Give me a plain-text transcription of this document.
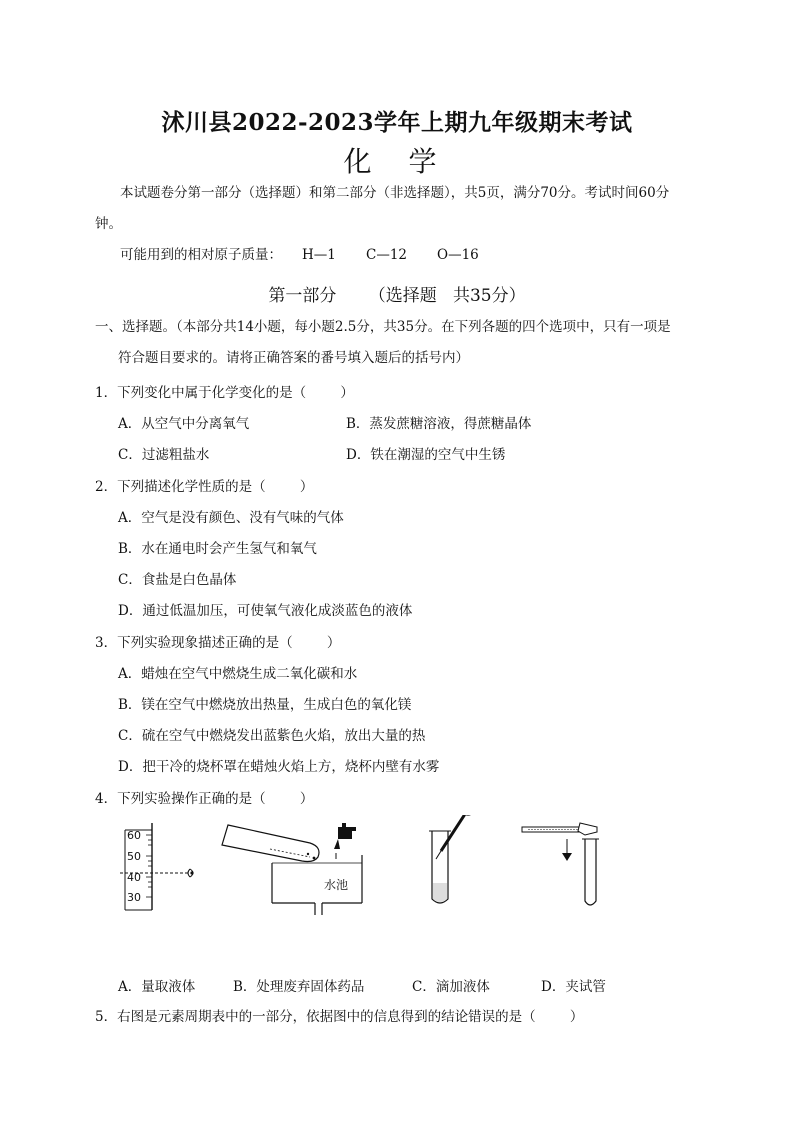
沭川县2022-2023学年上期九年级期末考试
化 学
本试题卷分第一部分（选择题）和第二部分（非选择题），共5页，满分70分。考试时间60分
钟。
可能用到的相对原子质量： H—1 C—12 O—16
第一部分      （选择题   共35分）
一、选择题。（本部分共14小题，每小题2.5分，共35分。在下列各题的四个选项中，只有一项是
符合题目要求的。请将正确答案的番号填入题后的括号内）
1．下列变化中属于化学变化的是（        ）
A．从空气中分离氧气	B．蒸发蔗糖溶液，得蔗糖晶体
C．过滤粗盐水	D．铁在潮湿的空气中生锈
2．下列描述化学性质的是（        ）
A．空气是没有颜色、没有气味的气体
B．水在通电时会产生氢气和氧气
C．食盐是白色晶体
D．通过低温加压，可使氧气液化成淡蓝色的液体
3．下列实验现象描述正确的是（        ）
A．蜡烛在空气中燃烧生成二氧化碳和水
B．镁在空气中燃烧放出热量，生成白色的氧化镁
C．硫在空气中燃烧发出蓝紫色火焰，放出大量的热
D．把干冷的烧杯罩在蜡烛火焰上方，烧杯内壁有水雾
4．下列实验操作正确的是（        ）
60
50
40
30
水池
A．量取液体	B．处理废弃固体药品	C．滴加液体	D．夹试管
5．右图是元素周期表中的一部分，依据图中的信息得到的结论错误的是（        ）
